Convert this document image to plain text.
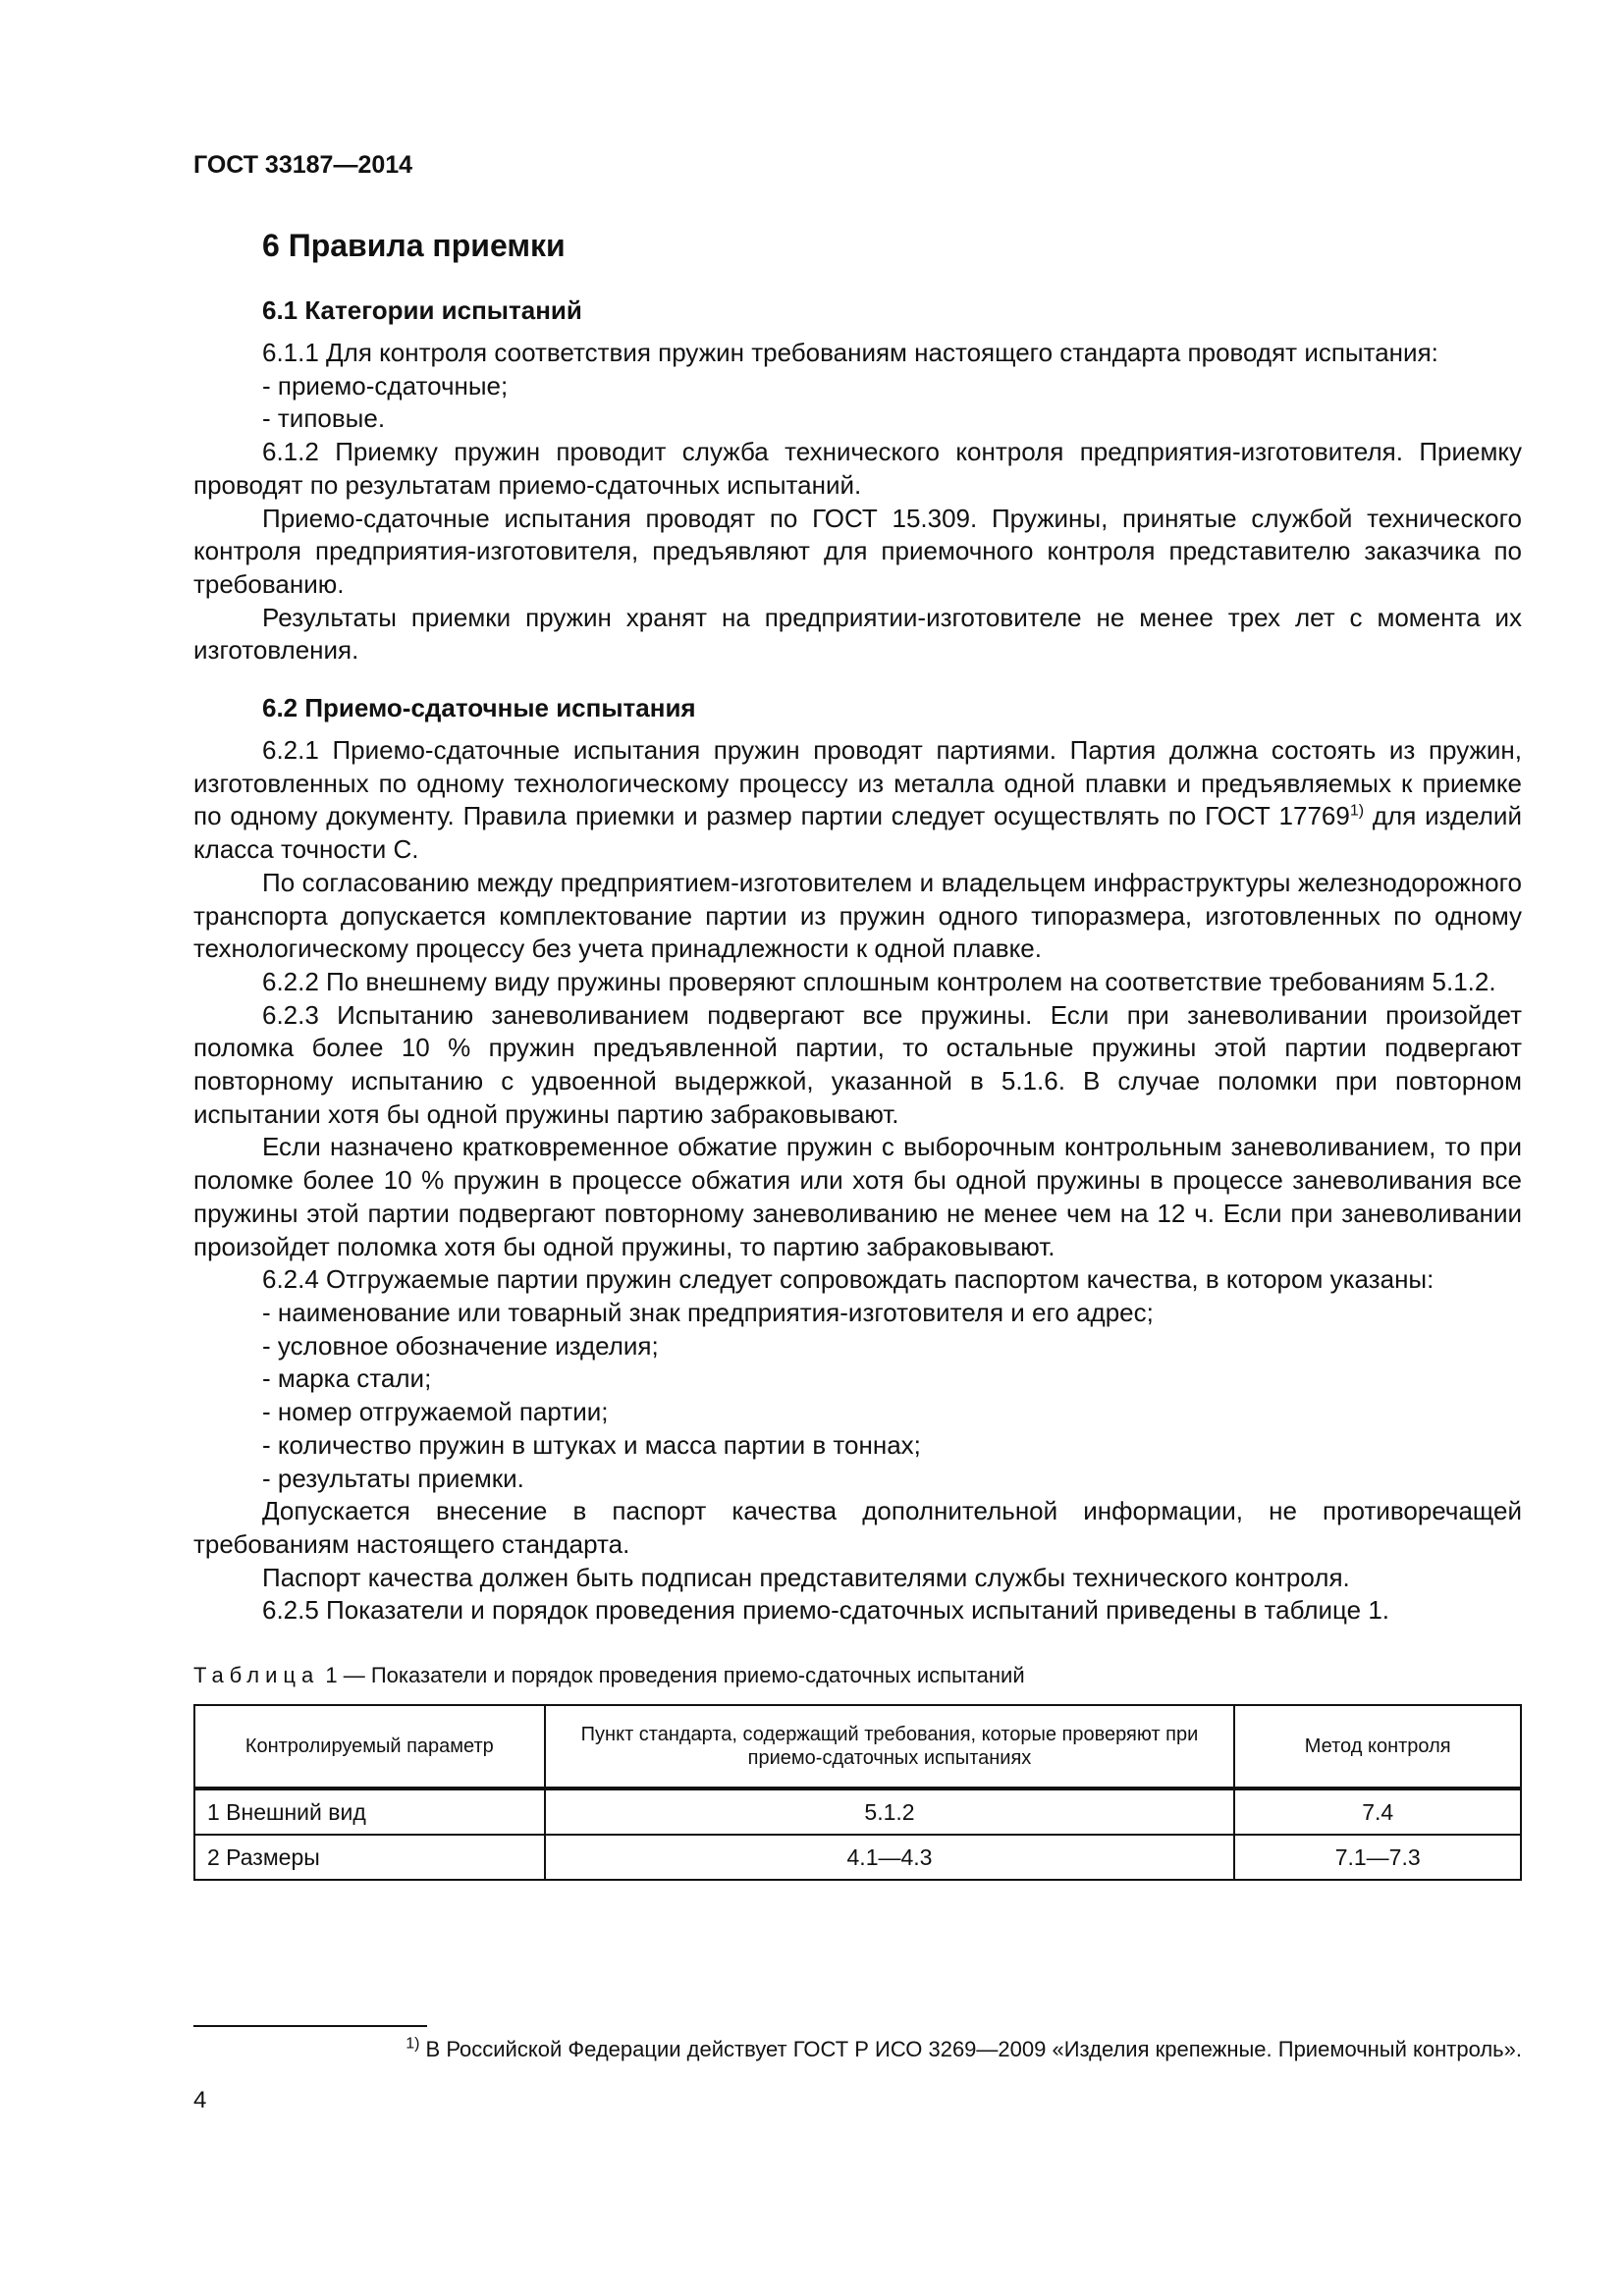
ГОСТ 33187—2014
6 Правила приемки
6.1 Категории испытаний

6.1.1 Для контроля соответствия пружин требованиям настоящего стандарта проводят испытания:

- приемо-сдаточные;

- типовые.

6.1.2 Приемку пружин проводит служба технического контроля предприятия-изготовителя. Приемку проводят по результатам приемо-сдаточных испытаний.

Приемо-сдаточные испытания проводят по ГОСТ 15.309. Пружины, принятые службой технического контроля предприятия-изготовителя, предъявляют для приемочного контроля представителю заказчика по требованию.

Результаты приемки пружин хранят на предприятии-изготовителе не менее трех лет с момента их изготовления.

6.2 Приемо-сдаточные испытания

6.2.1 Приемо-сдаточные испытания пружин проводят партиями. Партия должна состоять из пружин, изготовленных по одному технологическому процессу из металла одной плавки и предъявляемых к приемке по одному документу. Правила приемки и размер партии следует осуществлять по ГОСТ 17769$^{1)}$ для изделий класса точности С.

По согласованию между предприятием-изготовителем и владельцем инфраструктуры железнодорожного транспорта допускается комплектование партии из пружин одного типоразмера, изготовленных по одному технологическому процессу без учета принадлежности к одной плавке.

6.2.2 По внешнему виду пружины проверяют сплошным контролем на соответствие требованиям 5.1.2.

6.2.3 Испытанию заневоливанием подвергают все пружины. Если при заневоливании произойдет поломка более 10 % пружин предъявленной партии, то остальные пружины этой партии подвергают повторному испытанию с удвоенной выдержкой, указанной в 5.1.6. В случае поломки при повторном испытании хотя бы одной пружины партию забраковывают.

Если назначено кратковременное обжатие пружин с выборочным контрольным заневоливанием, то при поломке более 10 % пружин в процессе обжатия или хотя бы одной пружины в процессе заневоливания все пружины этой партии подвергают повторному заневоливанию не менее чем на 12 ч. Если при заневоливании произойдет поломка хотя бы одной пружины, то партию забраковывают.

6.2.4 Отгружаемые партии пружин следует сопровождать паспортом качества, в котором указаны:

- наименование или товарный знак предприятия-изготовителя и его адрес;

- условное обозначение изделия;

- марка стали;

- номер отгружаемой партии;

- количество пружин в штуках и масса партии в тоннах;

- результаты приемки.

Допускается внесение в паспорт качества дополнительной информации, не противоречащей требованиям настоящего стандарта.

Паспорт качества должен быть подписан представителями службы технического контроля.

6.2.5 Показатели и порядок проведения приемо-сдаточных испытаний приведены в таблице 1.

Таблица 1 — Показатели и порядок проведения приемо-сдаточных испытаний
Контролируемый параметр	Пункт стандарта, содержащий требования, которые проверяют при приемо-сдаточных испытаниях	Метод контроля
1 Внешний вид	5.1.2	7.4
2 Размеры	4.1—4.3	7.1—7.3
$^{1)}$ В Российской Федерации действует ГОСТ Р ИСО 3269—2009 «Изделия крепежные. Приемочный контроль».
4
